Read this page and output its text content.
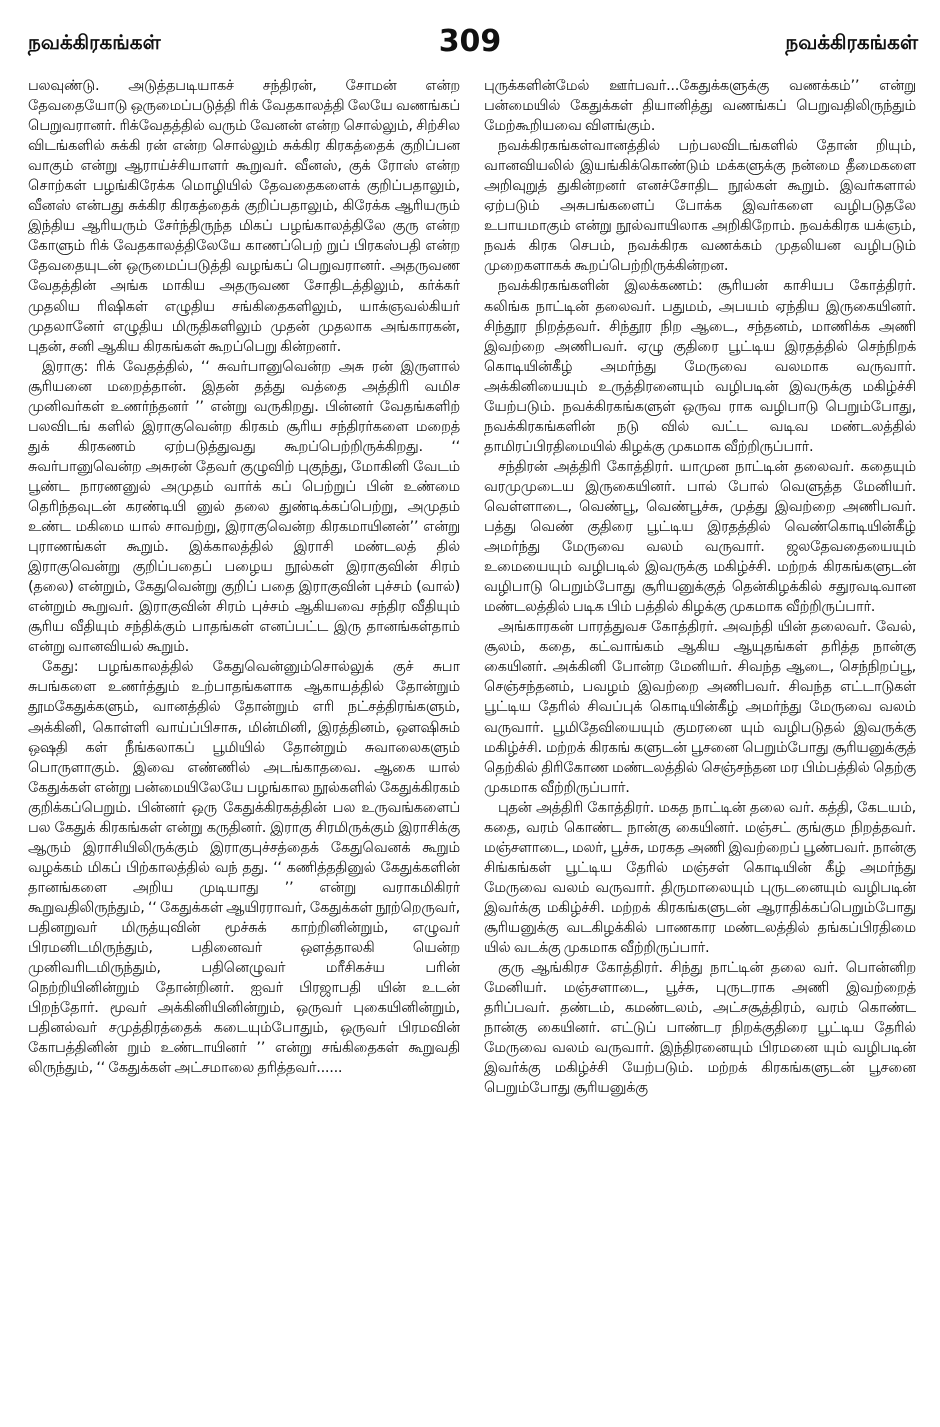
நவக்கிரகங்கள்	309	நவக்கிரகங்கள்

பலவுண்டு. அடுத்தபடியாகச் சந்திரன், சோமன் என்ற தேவதையோடு ஒருமைப்படுத்தி ரிக் வேதகாலத்தி லேயே வணங்கப் பெறுவரானர். ரிக்வேதத்தில் வரும் வேனன் என்ற சொல்லும், சிற்சில விடங்களில் சுக்கி ரன் என்ற சொல்லும் சுக்கிர கிரகத்தைக் குறிப்பன வாகும் என்று ஆராய்ச்சியாளர் கூறுவர். வீனஸ், குக் ரோஸ் என்ற சொற்கள் பழங்கிரேக்க மொழியில் தேவதைகளைக் குறிப்பதாலும், வீனஸ் என்பது சுக்கிர கிரகத்தைக் குறிப்பதாலும், கிரேக்க ஆரியரும் இந்திய ஆரியரும் சேர்ந்திருந்த மிகப் பழங்காலத்திலே குரு என்ற கோளும் ரிக் வேதகாலத்திலேயே காணப்பெற் றுப் பிரகஸ்பதி என்ற தேவதையுடன் ஒருமைப்படுத்தி வழங்கப் பெறுவரானர். அதருவண வேதத்தின் அங்க மாகிய அதருவண சோதிடத்திலும், கர்க்கர் முதலிய ரிஷிகள் எழுதிய சங்கிதைகளிலும், யாக்ஞவல்கியர் முதலானேர் எழுதிய மிருதிகளிலும் முதன் முதலாக அங்காரகன், புதன், சனி ஆகிய கிரகங்கள் கூறப்பெறு கின்றனர்.

இராகு: ரிக் வேதத்தில், ‘‘ சுவர்பானுவென்ற அசு ரன் இருளால் சூரியனை மறைத்தான். இதன் தத்து வத்தை அத்திரி வமிச முனிவர்கள் உணர்ந்தனர் ’’ என்று வருகிறது. பின்னர் வேதங்களிற் பலவிடங் களில் இராகுவென்ற கிரகம் சூரிய சந்திரர்களை மறைத் துக் கிரகணம் ஏற்படுத்துவது கூறப்பெற்றிருக்கிறது. ‘‘ சுவர்பானுவென்ற அசுரன் தேவர் குழுவிற் புகுந்து, மோகினி வேடம் பூண்ட நாரணனுல் அமுதம் வார்க் கப் பெற்றுப் பின் உண்மை தெரிந்தவுடன் கரண்டியி னுல் தலை துண்டிக்கப்பெற்று, அமுதம் உண்ட மகிமை யால் சாவற்று, இராகுவென்ற கிரகமாயினன்’’ என்று புராணங்கள் கூறும். இக்காலத்தில் இராசி மண்டலத் தில் இராகுவென்று குறிப்பதைப் பழைய நூல்கள் இராகுவின் சிரம் (தலை) என்றும், கேதுவென்று குறிப் பதை இராகுவின் புச்சம் (வால்) என்றும் கூறுவர். இராகுவின் சிரம் புச்சம் ஆகியவை சந்திர வீதியும் சூரிய வீதியும் சந்திக்கும் பாதங்கள் எனப்பட்ட இரு தானங்கள்தாம் என்று வானவியல் கூறும்.

கேது: பழங்காலத்தில் கேதுவென்னும்சொல்லுக் குச் சுபா சுபங்களை உணர்த்தும் உற்பாதங்களாக ஆகாயத்தில் தோன்றும் தூமகேதுக்களும், வானத்தில் தோன்றும் எரி நட்சத்திரங்களும், அக்கினி, கொள்ளி வாய்ப்பிசாசு, மின்மினி, இரத்தினம், ஔஷிசும் ஒஷதி கள் நீங்கலாகப் பூமியில் தோன்றும் சுவாலைகளும் பொருளாகும். இவை எண்ணில் அடங்காதவை. ஆகை யால் கேதுக்கள் என்று பன்மையிலேயே பழங்கால நூல்களில் கேதுக்கிரகம் குறிக்கப்பெறும். பின்னர் ஒரு கேதுக்கிரகத்தின் பல உருவங்களைப் பல கேதுக் கிரகங்கள் என்று கருதினர். இராகு சிரமிருக்கும் இராசிக்கு ஆரும் இராசியிலிருக்கும் இராகுபுச்சத்தைக் கேதுவெனக் கூறும் வழக்கம் மிகப் பிற்காலத்தில் வந் தது. ‘‘ கணித்ததினுல் கேதுக்களின் தானங்களை அறிய முடியாது ’’ என்று வராகமிகிரர் கூறுவதிலிருந்தும், ‘‘ கேதுக்கள் ஆயிரராவர், கேதுக்கள் நூற்றெருவர், பதினறுவர் மிருத்யுவின் மூச்சுக் காற்றினின்றும், எழுவர் பிரமனிடமிருந்தும், பதினைவர் ஔத்தாலகி யென்ற முனிவரிடமிருந்தும், பதினெழுவர் மரீசிகச்ய பரின் நெற்றியினின்றும் தோன்றினர். ஐவர் பிரஜாபதி யின் உடன் பிறந்தோர். மூவர் அக்கினியினின்றும், ஒருவர் புகையினின்றும், பதினல்வர் சமுத்திரத்தைக் கடையும்போதும், ஒருவர் பிரமவின் கோபத்தினின் றும் உண்டாயினர் ’’ என்று சங்கிதைகள் கூறுவதி லிருந்தும், ‘‘ கேதுக்கள் அட்சமாலை தரித்தவர்......

புருக்களின்மேல் ஊர்பவர்...கேதுக்களுக்கு வணக்கம்’’ என்று பன்மையில் கேதுக்கள் தியானித்து வணங்கப் பெறுவதிலிருந்தும் மேற்கூறியவை விளங்கும்.

நவக்கிரகங்கள்வானத்தில் பற்பலவிடங்களில் தோன் றியும், வானவியலில் இயங்கிக்கொண்டும் மக்களுக்கு நன்மை தீமைகளை அறிவுறுத் துகின்றனர் எனச்சோதிட நூல்கள் கூறும். இவர்களால் ஏற்படும் அசுபங்களைப் போக்க இவர்களை வழிபடுதலே உபாயமாகும் என்று நூல்வாயிலாக அறிகிறோம். நவக்கிரக யக்ஞம், நவக் கிரக செபம், நவக்கிரக வணக்கம் முதலியன வழிபடும் முறைகளாகக் கூறப்பெற்றிருக்கின்றன.

நவக்கிரகங்களின் இலக்கணம்: சூரியன் காசியப கோத்திரர். கலிங்க நாட்டின் தலைவர். பதுமம், அபயம் ஏந்திய இருகையினர். சிந்தூர நிறத்தவர். சிந்தூர நிற ஆடை, சந்தனம், மாணிக்க அணி இவற்றை அணிபவர். ஏழு குதிரை பூட்டிய இரதத்தில் செந்நிறக் கொடியின்கீழ் அமர்ந்து மேருவை வலமாக வருவார். அக்கினியையும் உருத்திரனையும் வழிபடின் இவருக்கு மகிழ்ச்சி யேற்படும். நவக்கிரகங்களுள் ஒருவ ராக வழிபாடு பெறும்போது, நவக்கிரகங்களின் நடு வில் வட்ட வடிவ மண்டலத்தில் தாமிரப்பிரதிமையில் கிழக்கு முகமாக வீற்றிருப்பார்.

சந்திரன் அத்திரி கோத்திரர். யாமுன நாட்டின் தலைவர். கதையும் வரமுமுடைய இருகையினர். பால் போல் வெளுத்த மேனியர். வெள்ளாடை, வெண்பூ, வெண்பூச்சு, முத்து இவற்றை அணிபவர். பத்து வெண் குதிரை பூட்டிய இரதத்தில் வெண்கொடியின்கீழ் அமர்ந்து மேருவை வலம் வருவார். ஜலதேவதையையும் உமையையும் வழிபடில் இவருக்கு மகிழ்ச்சி. மற்றக் கிரகங்களுடன் வழிபாடு பெறும்போது சூரியனுக்குத் தென்கிழக்கில் சதுரவடிவான மண்டலத்தில் படிக பிம் பத்தில் கிழக்கு முகமாக வீற்றிருப்பார்.

அங்காரகன் பாரத்துவச கோத்திரர். அவந்தி யின் தலைவர். வேல், சூலம், கதை, கட்வாங்கம் ஆகிய ஆயுதங்கள் தரித்த நான்கு கையினர். அக்கினி போன்ற மேனியர். சிவந்த ஆடை, செந்நிறப்பூ, செஞ்சந்தனம், பவழம் இவற்றை அணிபவர். சிவந்த எட்டாடுகள் பூட்டிய தேரில் சிவப்புக் கொடியின்கீழ் அமர்ந்து மேருவை வலம் வருவார். பூமிதேவியையும் குமரனை யும் வழிபடுதல் இவருக்கு மகிழ்ச்சி. மற்றக் கிரகங் களுடன் பூசனை பெறும்போது சூரியனுக்குத் தெற்கில் திரிகோண மண்டலத்தில் செஞ்சந்தன மர பிம்பத்தில் தெற்கு முகமாக வீற்றிருப்பார்.

புதன் அத்திரி கோத்திரர். மகத நாட்டின் தலை வர். கத்தி, கேடயம், கதை, வரம் கொண்ட நான்கு கையினர். மஞ்சட் குங்கும நிறத்தவர். மஞ்சளாடை, மலர், பூச்சு, மரகத அணி இவற்றைப் பூண்பவர். நான்கு சிங்கங்கள் பூட்டிய தேரில் மஞ்சள் கொடியின் கீழ் அமர்ந்து மேருவை வலம் வருவார். திருமாலையும் புருடனையும் வழிபடின் இவர்க்கு மகிழ்ச்சி. மற்றக் கிரகங்களுடன் ஆராதிக்கப்பெறும்போது சூரியனுக்கு வடகிழக்கில் பாணகார மண்டலத்தில் தங்கப்பிரதிமை யில் வடக்கு முகமாக வீற்றிருப்பார்.

குரு ஆங்கிரச கோத்திரர். சிந்து நாட்டின் தலை வர். பொன்னிற மேனியர். மஞ்சளாடை, பூச்சு, புருடராக அணி இவற்றைத் தரிப்பவர். தண்டம், கமண்டலம், அட்சசூத்திரம், வரம் கொண்ட நான்கு கையினர். எட்டுப் பாண்டர நிறக்குதிரை பூட்டிய தேரில் மேருவை வலம் வருவார். இந்திரனையும் பிரமனை யும் வழிபடின் இவர்க்கு மகிழ்ச்சி யேற்படும். மற்றக் கிரகங்களுடன் பூசனை பெறும்போது சூரியனுக்கு
